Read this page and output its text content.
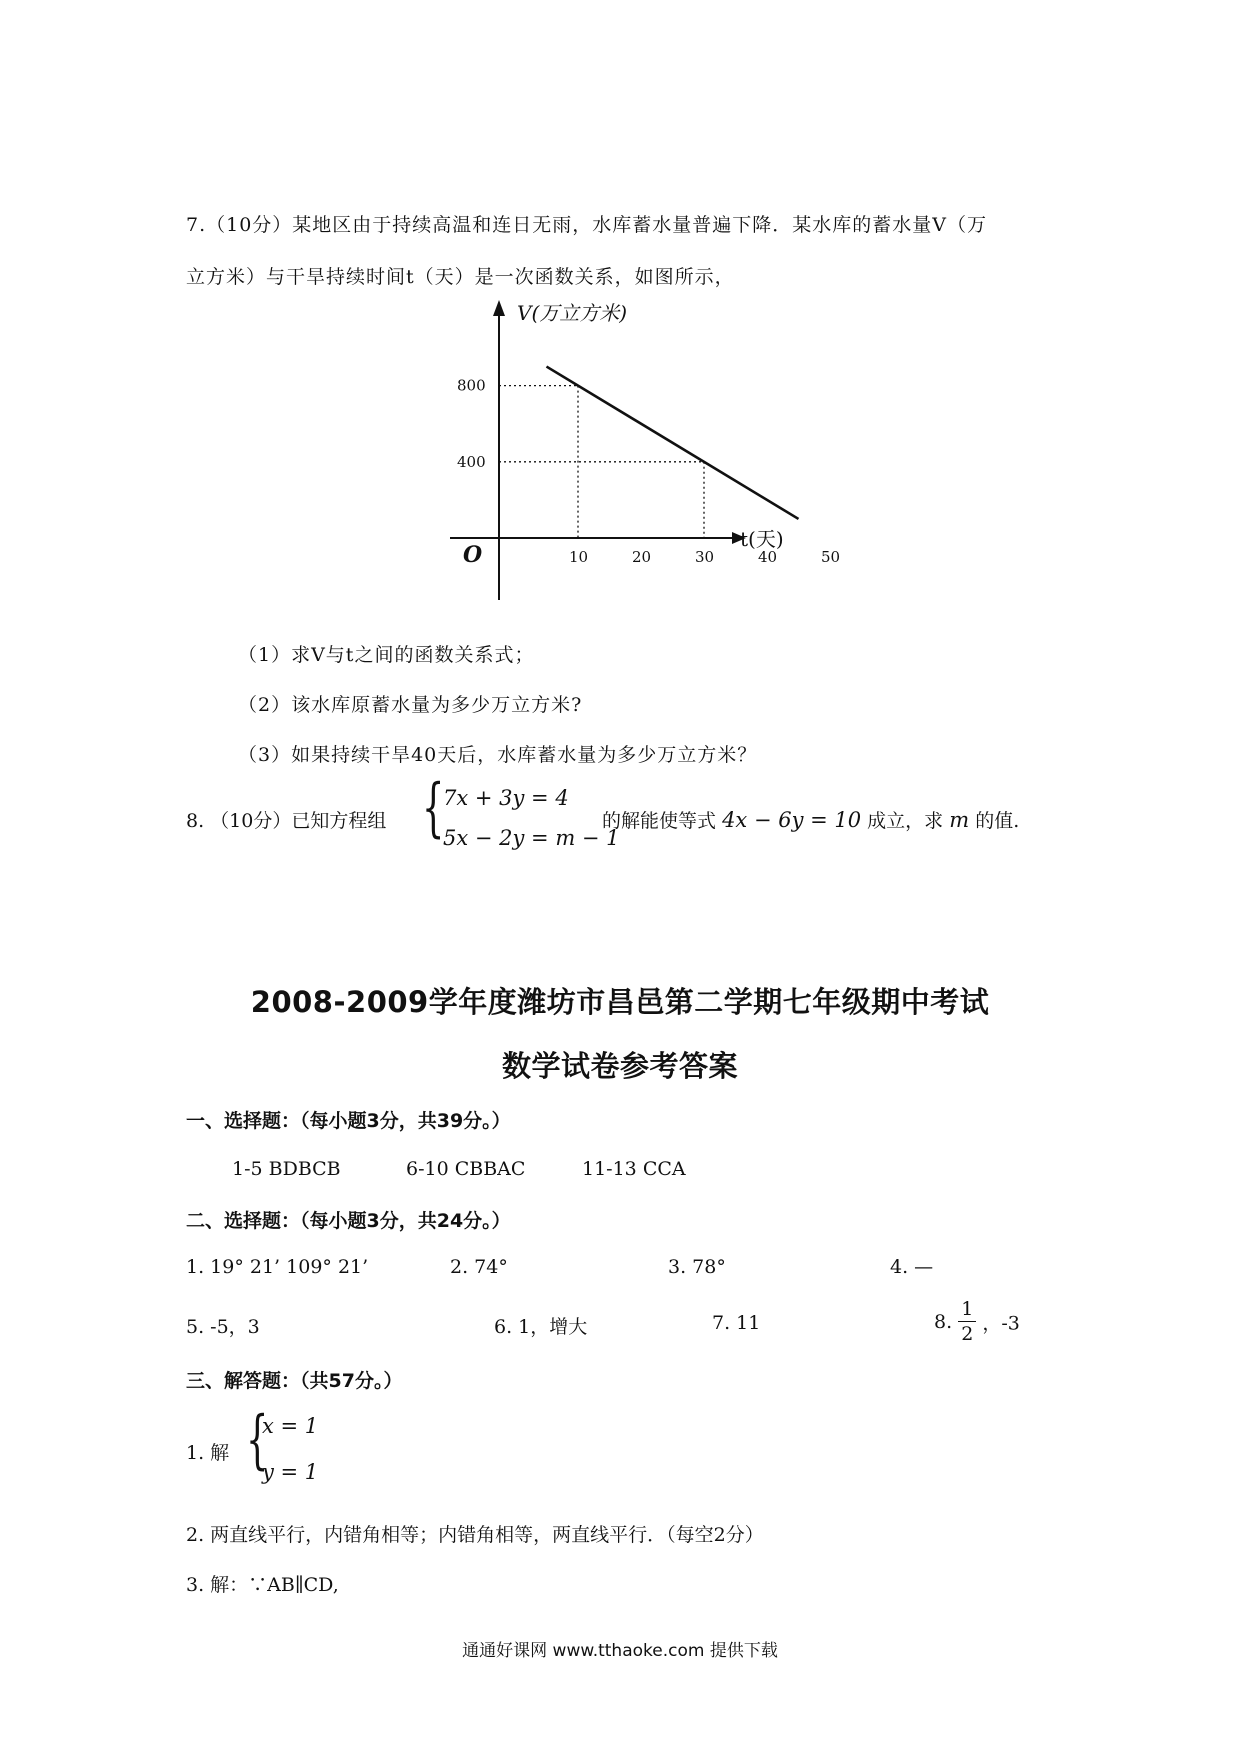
7.（10分）某地区由于持续高温和连日无雨，水库蓄水量普遍下降．某水库的蓄水量V（万
立方米）与干旱持续时间t（天）是一次函数关系，如图所示，
V(万立方米)
t(天)
O	10	20	30	40	50
400
800
（1）求V与t之间的函数关系式；
（2）该水库原蓄水量为多少万立方米?
（3）如果持续干旱40天后，水库蓄水量为多少万立方米？
8. （10分）已知方程组 {
7x + 3y = 4
5x − 2y = m − 1
的解能使等式 4x − 6y = 10 成立，求 m 的值.
2008-2009学年度潍坊市昌邑第二学期七年级期中考试
数学试卷参考答案
一、选择题：（每小题3分，共39分。）
1-5 BDBCB	6-10 CBBAC	11-13 CCA
二、选择题：（每小题3分，共24分。）
1. 19° 21’ 109° 21’	2. 74°	3. 78°	4. —
5. -5，3	6. 1，增大	7. 11	8. $\frac{1}{2}$ ，-3
三、解答题：（共57分。）
1. 解 {
x = 1
y = 1
2. 两直线平行，内错角相等；内错角相等，两直线平行．（每空2分）
3. 解：∵AB∥CD,
通通好课网 www.tthaoke.com 提供下载
